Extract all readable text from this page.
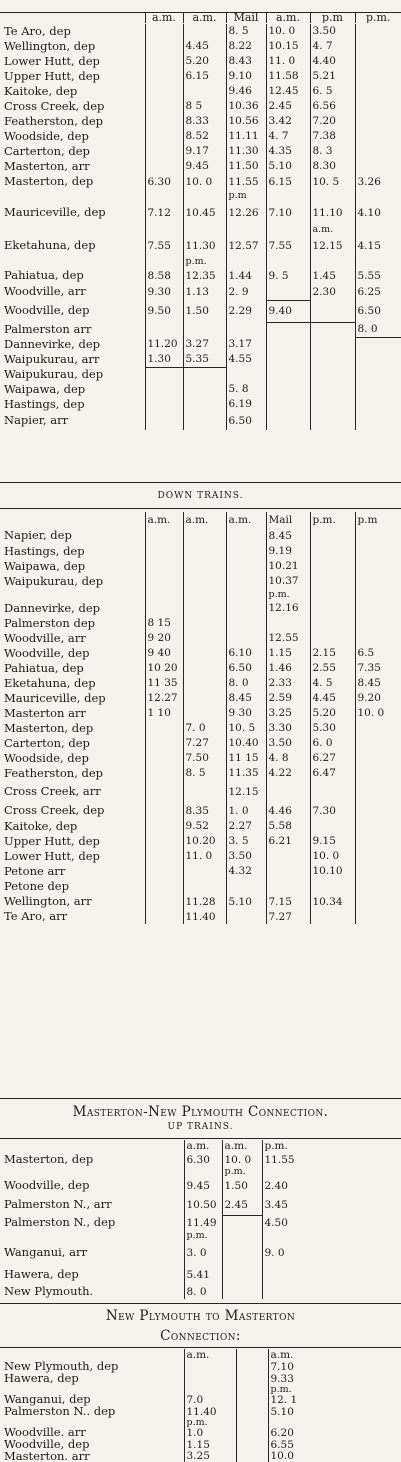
	a.m.	a.m.	Mail	a.m.	p.m	p.m.
Te Aro, dep			8. 5	10. 0	3.50	
Wellington, dep		4.45	8.22	10.15	4. 7	
Lower Hutt, dep		5.20	8.43	11. 0	4.40	
Upper Hutt, dep		6.15	9.10	11.58	5.21	
Kaitoke, dep			9.46	12.45	6. 5	
Cross Creek, dep		8 5	10.36	2.45	6.56	
Featherston, dep		8.33	10.56	3.42	7.20	
Woodside, dep		8.52	11.11	4. 7	7.38	
Carterton, dep		9.17	11.30	4.35	8. 3	
Masterton, arr		9.45	11.50	5.10	8.30	
Masterton, dep	6.30	10. 0	11.55	6.15	10. 5	3.26
			p.m			
Mauriceville, dep	7.12	10.45	12.26	7.10	11.10	4.10
					a.m.	
Eketahuna, dep	7.55	11.30	12.57	7.55	12.15	4.15
		p.m.				
Pahiatua, dep	8.58	12.35	1.44	9. 5	1.45	5.55
Woodville, arr	9.30	1.13	2. 9		2.30	6.25
Woodville, dep	9.50	1.50	2.29	9.40		6.50
Palmerston arr						8. 0
Dannevirke, dep	11.20	3.27	3.17			
Waipukurau, arr	1.30	5.35	4.55			
Waipukurau, dep						
Waipawa, dep			5. 8			
Hastings, dep			6.19			
Napier, arr			6.50			
DOWN TRAINS.
	a.m.	a.m.	a.m.	Mail	p.m.	p.m
Napier, dep				8.45		
Hastings, dep				9.19		
Waipawa, dep				10.21		
Waipukurau, dep				10.37		
				p.m.		
Dannevirke, dep				12.16		
Palmerston dep	8 15					
Woodville, arr	9 20			12.55		
Woodville, dep	9 40		6.10	1.15	2.15	6.5
Pahiatua, dep	10 20		6.50	1.46	2.55	7.35
Eketahuna, dep	11 35		8. 0	2.33	4. 5	8.45
Mauriceville, dep	12.27		8.45	2.59	4.45	9.20
Masterton arr	1 10		9 30	3.25	5.20	10. 0
Masterton, dep		7. 0	10. 5	3.30	5.30	
Carterton, dep		7.27	10.40	3.50	6. 0	
Woodside, dep		7.50	11 15	4. 8	6.27	
Featherston, dep		8. 5	11.35	4.22	6.47	
Cross Creek, arr			12.15			
Cross Creek, dep		8.35	1. 0	4.46	7.30	
Kaitoke, dep		9.52	2.27	5.58		
Upper Hutt, dep		10.20	3. 5	6.21	9.15	
Lower Hutt, dep		11. 0	3.50		10. 0	
Petone arr			4.32		10.10	
Petone dep						
Wellington, arr		11.28	5.10	7.15	10.34	
Te Aro, arr		11.40		7.27		
Masterton-New Plymouth Connection.
UP TRAINS.
	a.m.	a.m.	p.m.
Masterton, dep	6.30	10. 0	11.55
		p.m.	
Woodville, dep	9.45	1.50	2.40
Palmerston N., arr	10.50	2.45	3.45
Palmerston N., dep	11.49		4.50
	p.m.		
Wanganui, arr	3. 0		9. 0
Hawera, dep	5.41		
New Plymouth.	8. 0		
New Plymouth to Masterton
Connection:
	a.m.		a.m.
New Plymouth, dep			7.10
Hawera, dep			9.33
			p.m.
Wanganui, dep	7.0		12. 1
Palmerston N.. dep	11.40		5.10
	p.m.		
Woodville. arr	1.0		6.20
Woodville, dep	1.15		6.55
Masterton. arr	3.25		10.0
